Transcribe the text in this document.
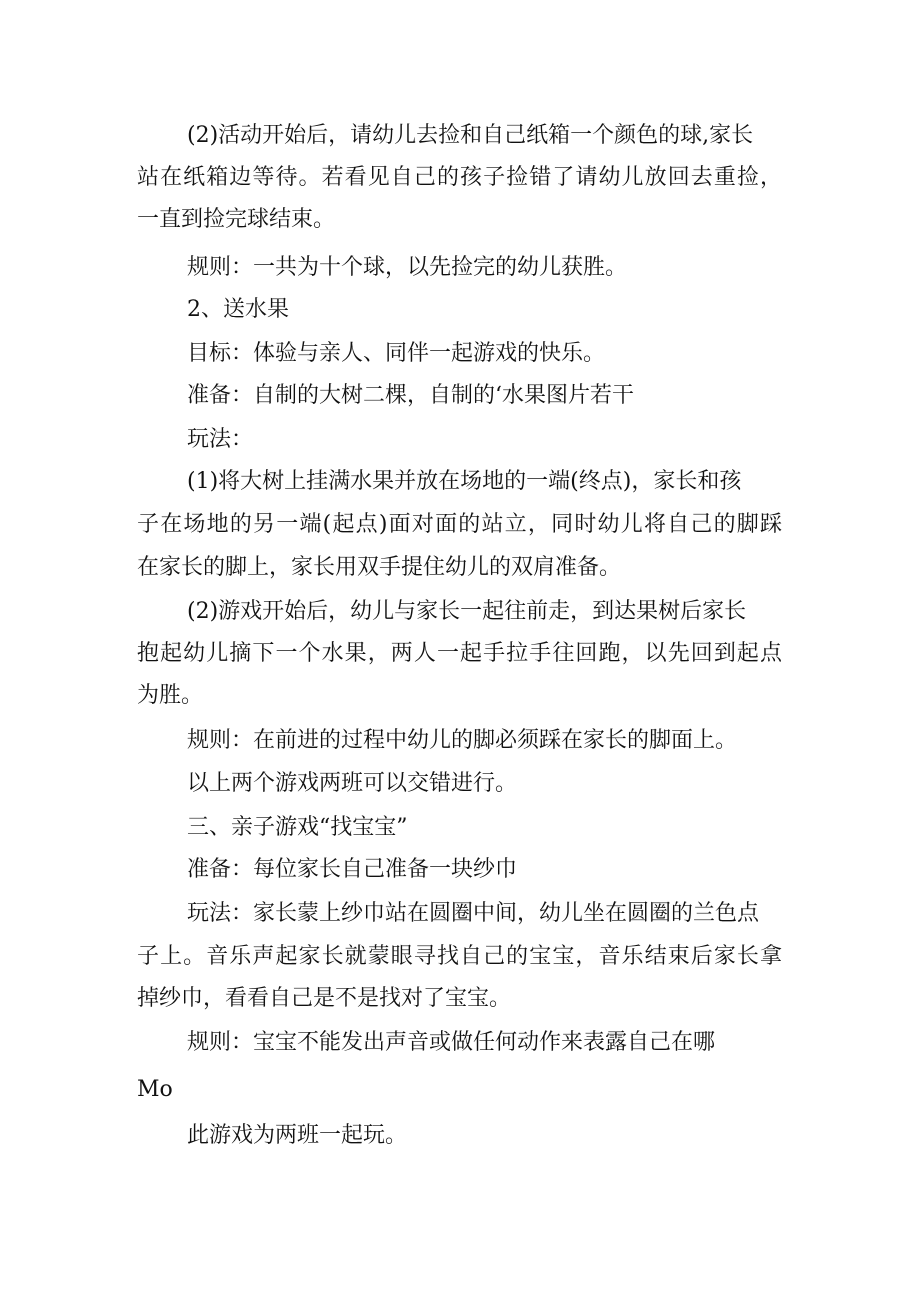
(2)活动开始后，请幼儿去捡和自己纸箱一个颜色的球,家长
站在纸箱边等待。若看见自己的孩子捡错了请幼儿放回去重捡，
一直到捡完球结束。
规则：一共为十个球，以先捡完的幼儿获胜。
2、送水果
目标：体验与亲人、同伴一起游戏的快乐。
准备：自制的大树二棵，自制的‘水果图片若干
玩法：
(1)将大树上挂满水果并放在场地的一端(终点)，家长和孩
子在场地的另一端(起点)面对面的站立，同时幼儿将自己的脚踩
在家长的脚上，家长用双手提住幼儿的双肩准备。
(2)游戏开始后，幼儿与家长一起往前走，到达果树后家长
抱起幼儿摘下一个水果，两人一起手拉手往回跑，以先回到起点
为胜。
规则：在前进的过程中幼儿的脚必须踩在家长的脚面上。
以上两个游戏两班可以交错进行。
三、亲子游戏“找宝宝”
准备：每位家长自己准备一块纱巾
玩法：家长蒙上纱巾站在圆圈中间，幼儿坐在圆圈的兰色点
子上。音乐声起家长就蒙眼寻找自己的宝宝，音乐结束后家长拿
掉纱巾，看看自己是不是找对了宝宝。
规则：宝宝不能发出声音或做任何动作来表露自己在哪
Mo
此游戏为两班一起玩。
